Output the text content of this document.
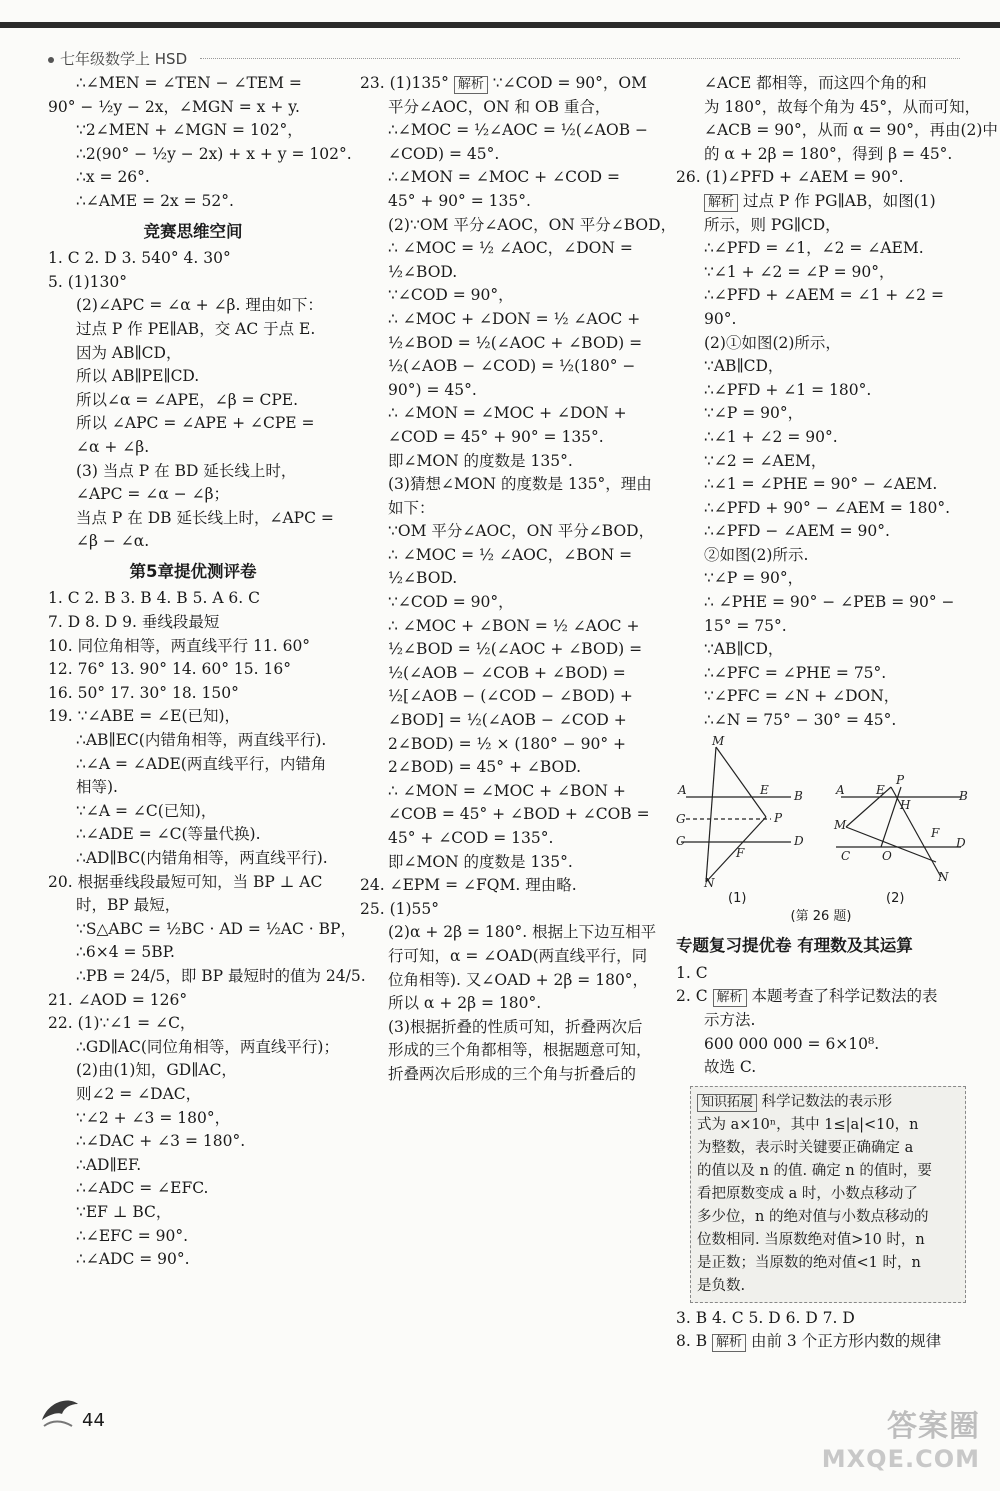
七年级数学上 HSD
∴∠MEN = ∠TEN − ∠TEM =
90° − ½y − 2x，∠MGN = x + y.
∵2∠MEN + ∠MGN = 102°，
∴2(90° − ½y − 2x) + x + y = 102°.
∴x = 26°.
∴∠AME = 2x = 52°.
竞赛思维空间
1. C 2. D 3. 540° 4. 30°
5. (1)130°
(2)∠APC = ∠α + ∠β. 理由如下：
过点 P 作 PE∥AB，交 AC 于点 E.
因为 AB∥CD，
所以 AB∥PE∥CD.
所以∠α = ∠APE，∠β = CPE.
所以 ∠APC = ∠APE + ∠CPE =
∠α + ∠β.
(3) 当点 P 在 BD 延长线上时，
∠APC = ∠α − ∠β；
当点 P 在 DB 延长线上时，∠APC =
∠β − ∠α.
第5章提优测评卷
1. C 2. B 3. B 4. B 5. A 6. C
7. D 8. D 9. 垂线段最短
10. 同位角相等，两直线平行 11. 60°
12. 76° 13. 90° 14. 60° 15. 16°
16. 50° 17. 30° 18. 150°
19. ∵∠ABE = ∠E(已知)，
∴AB∥EC(内错角相等，两直线平行).
∴∠A = ∠ADE(两直线平行，内错角
相等).
∵∠A = ∠C(已知)，
∴∠ADE = ∠C(等量代换).
∴AD∥BC(内错角相等，两直线平行).
20. 根据垂线段最短可知，当 BP ⊥ AC
时，BP 最短，
∵S△ABC = ½BC · AD = ½AC · BP，
∴6×4 = 5BP.
∴PB = 24/5，即 BP 最短时的值为 24/5.
21. ∠AOD = 126°
22. (1)∵∠1 = ∠C，
∴GD∥AC(同位角相等，两直线平行)；
(2)由(1)知，GD∥AC，
则∠2 = ∠DAC，
∵∠2 + ∠3 = 180°，
∴∠DAC + ∠3 = 180°.
∴AD∥EF.
∴∠ADC = ∠EFC.
∵EF ⊥ BC，
∴∠EFC = 90°.
∴∠ADC = 90°.
23. (1)135° 解析 ∵∠COD = 90°，OM
平分∠AOC，ON 和 OB 重合，
∴∠MOC = ½∠AOC = ½(∠AOB −
∠COD) = 45°.
∴∠MON = ∠MOC + ∠COD =
45° + 90° = 135°.
(2)∵OM 平分∠AOC，ON 平分∠BOD，
∴ ∠MOC = ½ ∠AOC，∠DON =
½∠BOD.
∵∠COD = 90°，
∴ ∠MOC + ∠DON = ½ ∠AOC +
½∠BOD = ½(∠AOC + ∠BOD) =
½(∠AOB − ∠COD) = ½(180° −
90°) = 45°.
∴ ∠MON = ∠MOC + ∠DON +
∠COD = 45° + 90° = 135°.
即∠MON 的度数是 135°.
(3)猜想∠MON 的度数是 135°，理由
如下：
∵OM 平分∠AOC，ON 平分∠BOD，
∴ ∠MOC = ½ ∠AOC，∠BON =
½∠BOD.
∵∠COD = 90°，
∴ ∠MOC + ∠BON = ½ ∠AOC +
½∠BOD = ½(∠AOC + ∠BOD) =
½(∠AOB − ∠COB + ∠BOD) =
½[∠AOB − (∠COD − ∠BOD) +
∠BOD] = ½(∠AOB − ∠COD +
2∠BOD) = ½ × (180° − 90° +
2∠BOD) = 45° + ∠BOD.
∴ ∠MON = ∠MOC + ∠BON +
∠COB = 45° + ∠BOD + ∠COB =
45° + ∠COD = 135°.
即∠MON 的度数是 135°.
24. ∠EPM = ∠FQM. 理由略.
25. (1)55°
(2)α + 2β = 180°. 根据上下边互相平
行可知，α = ∠OAD(两直线平行，同
位角相等). 又∠OAD + 2β = 180°，
所以 α + 2β = 180°.
(3)根据折叠的性质可知，折叠两次后
形成的三个角都相等，根据题意可知，
折叠两次后形成的三个角与折叠后的
∠ACE 都相等，而这四个角的和
为 180°，故每个角为 45°，从而可知，
∠ACB = 90°，从而 α = 90°，再由(2)中
的 α + 2β = 180°，得到 β = 45°.
26. (1)∠PFD + ∠AEM = 90°.
解析 过点 P 作 PG∥AB，如图(1)
所示，则 PG∥CD，
∴∠PFD = ∠1，∠2 = ∠AEM.
∵∠1 + ∠2 = ∠P = 90°，
∴∠PFD + ∠AEM = ∠1 + ∠2 =
90°.
(2)①如图(2)所示，
∵AB∥CD，
∴∠PFD + ∠1 = 180°.
∵∠P = 90°，
∴∠1 + ∠2 = 90°.
∵∠2 = ∠AEM，
∴∠1 = ∠PHE = 90° − ∠AEM.
∴∠PFD + 90° − ∠AEM = 180°.
∴∠PFD − ∠AEM = 90°.
②如图(2)所示.
∵∠P = 90°，
∴ ∠PHE = 90° − ∠PEB = 90° −
15° = 75°.
∵AB∥CD，
∴∠PFC = ∠PHE = 75°.
∵∠PFC = ∠N + ∠DON，
∴∠N = 75° − 30° = 45°.
M
A
G
C
B
D
E
P
F
N
A
M
C	O
E
P
H
F
B
D
N
(1)	(2)
(第 26 题)
专题复习提优卷 有理数及其运算
1. C
2. C 解析 本题考查了科学记数法的表
示方法.
600 000 000 = 6×10⁸.
故选 C.
知识拓展 科学记数法的表示形
式为 a×10ⁿ，其中 1≤|a|<10，n
为整数，表示时关键要正确确定 a
的值以及 n 的值. 确定 n 的值时，要
看把原数变成 a 时，小数点移动了
多少位，n 的绝对值与小数点移动的
位数相同. 当原数绝对值>10 时，n
是正数；当原数的绝对值<1 时，n
是负数.
3. B 4. C 5. D 6. D 7. D
8. B 解析 由前 3 个正方形内数的规律
44	答案圈
MXQE.COM
